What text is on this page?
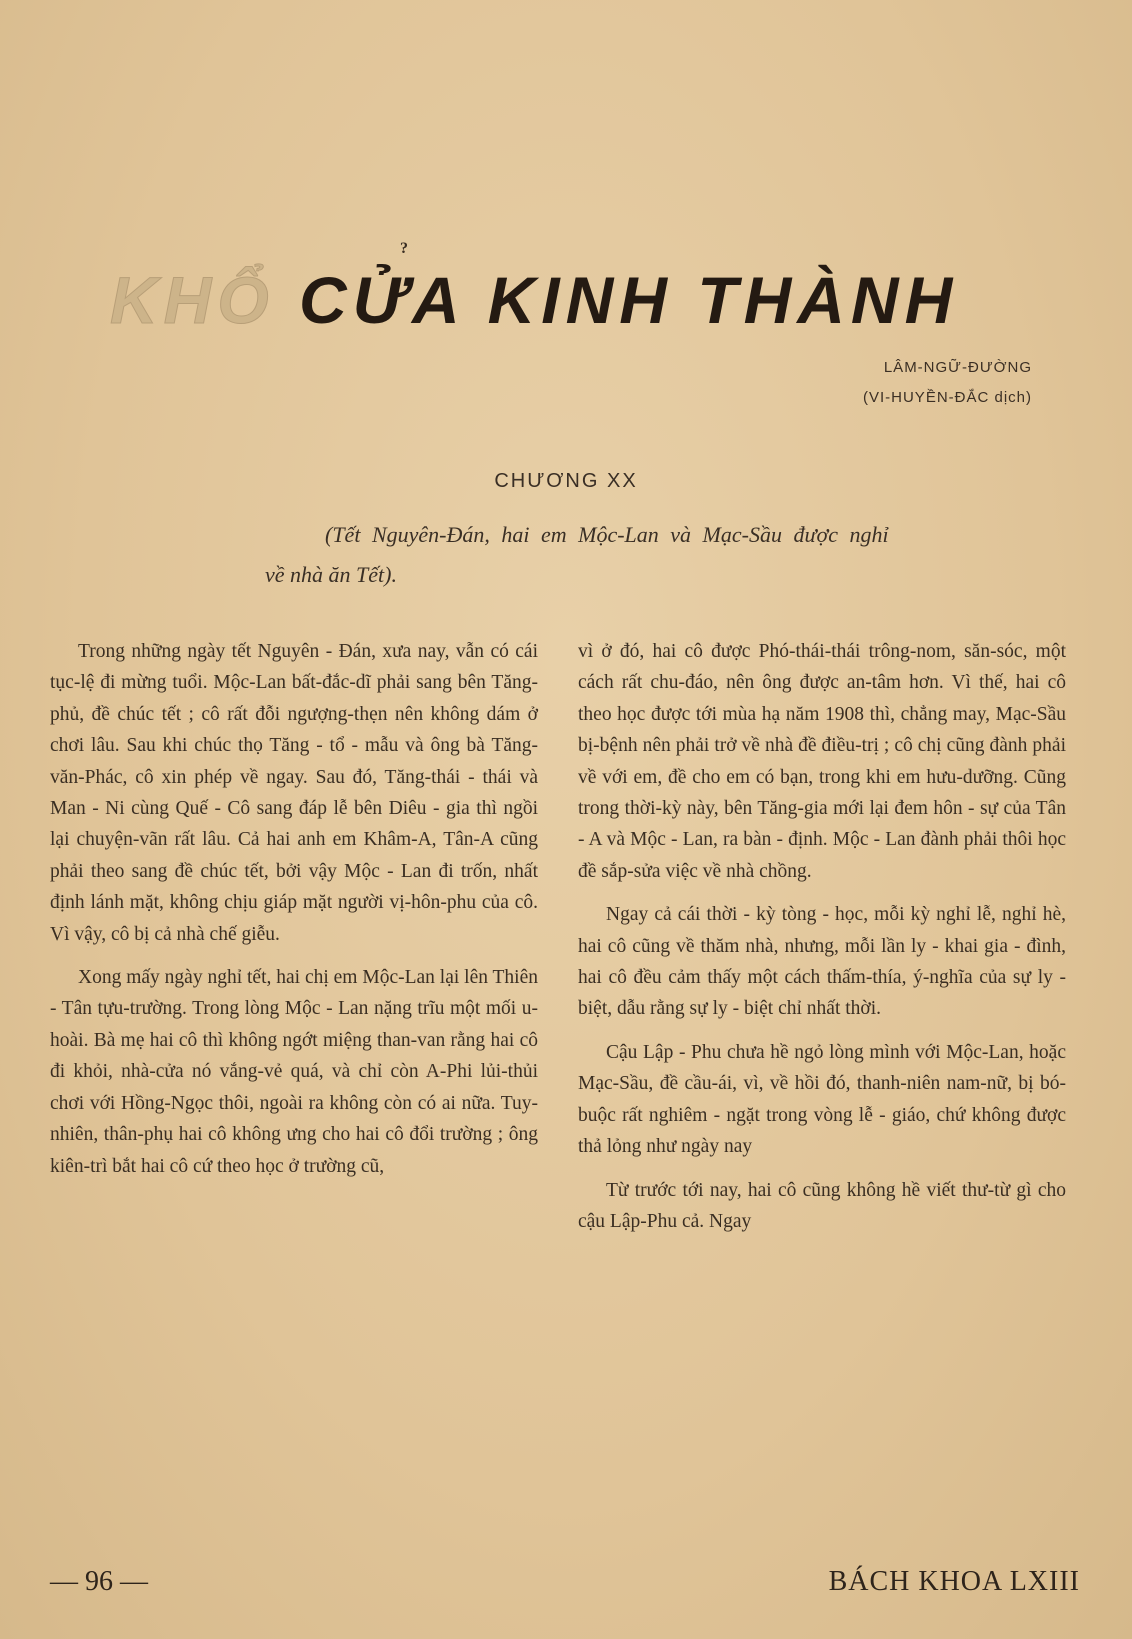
?
KHỔ CỬA KINH THÀNH
LÂM-NGỮ-ĐƯỜNG
(VI-HUYỀN-ĐẮC dịch)
CHƯƠNG XX
(Tết Nguyên-Đán, hai em Mộc-Lan và Mạc-Sầu được nghỉ
về nhà ăn Tết).

Trong những ngày tết Nguyên - Đán, xưa nay, vẫn có cái tục-lệ đi mừng tuổi. Mộc-Lan bất-đắc-dĩ phải sang bên Tăng-phủ, đề chúc tết ; cô rất đỗi ngượng-thẹn nên không dám ở chơi lâu. Sau khi chúc thọ Tăng - tổ - mẫu và ông bà Tăng-văn-Phác, cô xin phép về ngay. Sau đó, Tăng-thái - thái và Man - Ni cùng Quế - Cô sang đáp lễ bên Diêu - gia thì ngồi lại chuyện-vãn rất lâu. Cả hai anh em Khâm-A, Tân-A cũng phải theo sang đề chúc tết, bởi vậy Mộc - Lan đi trốn, nhất định lánh mặt, không chịu giáp mặt người vị-hôn-phu của cô. Vì vậy, cô bị cả nhà chế giễu.

Xong mấy ngày nghỉ tết, hai chị em Mộc-Lan lại lên Thiên - Tân tựu-trường. Trong lòng Mộc - Lan nặng trĩu một mối u-hoài. Bà mẹ hai cô thì không ngớt miệng than-van rằng hai cô đi khỏi, nhà-cửa nó vắng-vẻ quá, và chỉ còn A-Phi lủi-thủi chơi với Hồng-Ngọc thôi, ngoài ra không còn có ai nữa. Tuy-nhiên, thân-phụ hai cô không ưng cho hai cô đổi trường ; ông kiên-trì bắt hai cô cứ theo học ở trường cũ,

vì ở đó, hai cô được Phó-thái-thái trông-nom, săn-sóc, một cách rất chu-đáo, nên ông được an-tâm hơn. Vì thế, hai cô theo học được tới mùa hạ năm 1908 thì, chẳng may, Mạc-Sầu bị-bệnh nên phải trở về nhà đề điều-trị ; cô chị cũng đành phải về với em, đề cho em có bạn, trong khi em hưu-dưỡng. Cũng trong thời-kỳ này, bên Tăng-gia mới lại đem hôn - sự của Tân - A và Mộc - Lan, ra bàn - định. Mộc - Lan đành phải thôi học đề sắp-sửa việc về nhà chồng.

Ngay cả cái thời - kỳ tòng - học, mỗi kỳ nghỉ lễ, nghỉ hè, hai cô cũng về thăm nhà, nhưng, mỗi lần ly - khai gia - đình, hai cô đều cảm thấy một cách thấm-thía, ý-nghĩa của sự ly - biệt, dẫu rằng sự ly - biệt chỉ nhất thời.

Cậu Lập - Phu chưa hề ngỏ lòng mình với Mộc-Lan, hoặc Mạc-Sầu, đề cầu-ái, vì, về hồi đó, thanh-niên nam-nữ, bị bó-buộc rất nghiêm - ngặt trong vòng lễ - giáo, chứ không được thả lỏng như ngày nay

Từ trước tới nay, hai cô cũng không hề viết thư-từ gì cho cậu Lập-Phu cả. Ngay

— 96 —	BÁCH KHOA LXIII
